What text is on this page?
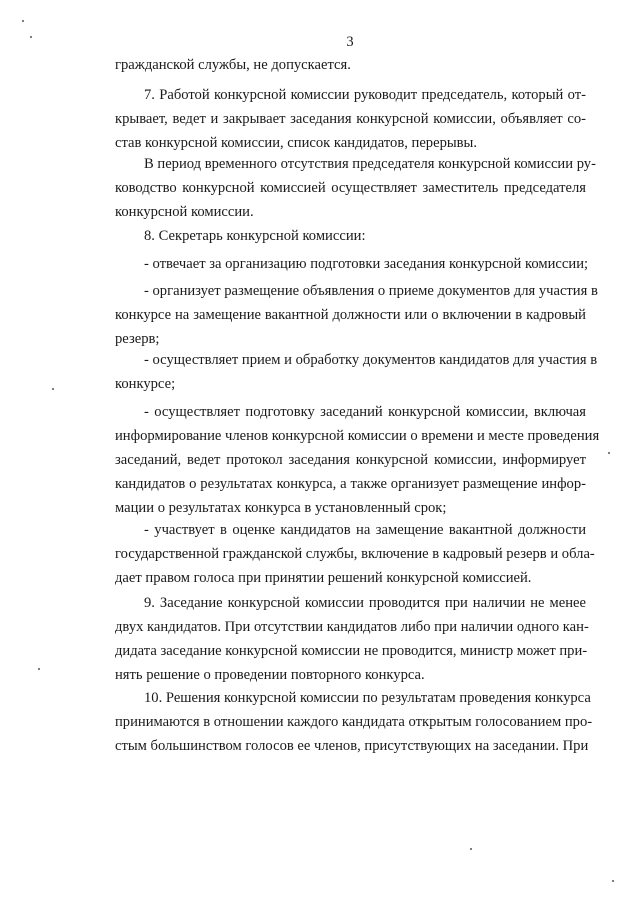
3
гражданской службы, не допускается.
7. Работой конкурсной комиссии руководит председатель, который от-
крывает, ведет и закрывает заседания конкурсной комиссии, объявляет со-
став конкурсной комиссии, список кандидатов, перерывы.
В период временного отсутствия председателя конкурсной комиссии ру-
ководство конкурсной комиссией осуществляет заместитель председателя
конкурсной комиссии.
8. Секретарь конкурсной комиссии:
- отвечает за организацию подготовки заседания конкурсной комиссии;
- организует размещение объявления о приеме документов для участия в
конкурсе на замещение вакантной должности или о включении в кадровый
резерв;
- осуществляет прием и обработку документов кандидатов для участия в
конкурсе;
- осуществляет подготовку заседаний конкурсной комиссии, включая
информирование членов конкурсной комиссии о времени и месте проведения
заседаний, ведет протокол заседания конкурсной комиссии, информирует
кандидатов о результатах конкурса, а также организует размещение инфор-
мации о результатах конкурса в установленный срок;
- участвует в оценке кандидатов на замещение вакантной должности
государственной гражданской службы, включение в кадровый резерв и обла-
дает правом голоса при принятии решений конкурсной комиссией.
9. Заседание конкурсной комиссии проводится при наличии не менее
двух кандидатов. При отсутствии кандидатов либо при наличии одного кан-
дидата заседание конкурсной комиссии не проводится, министр может при-
нять решение о проведении повторного конкурса.
10. Решения конкурсной комиссии по результатам проведения конкурса
принимаются в отношении каждого кандидата открытым голосованием про-
стым большинством голосов ее членов, присутствующих на заседании. При
